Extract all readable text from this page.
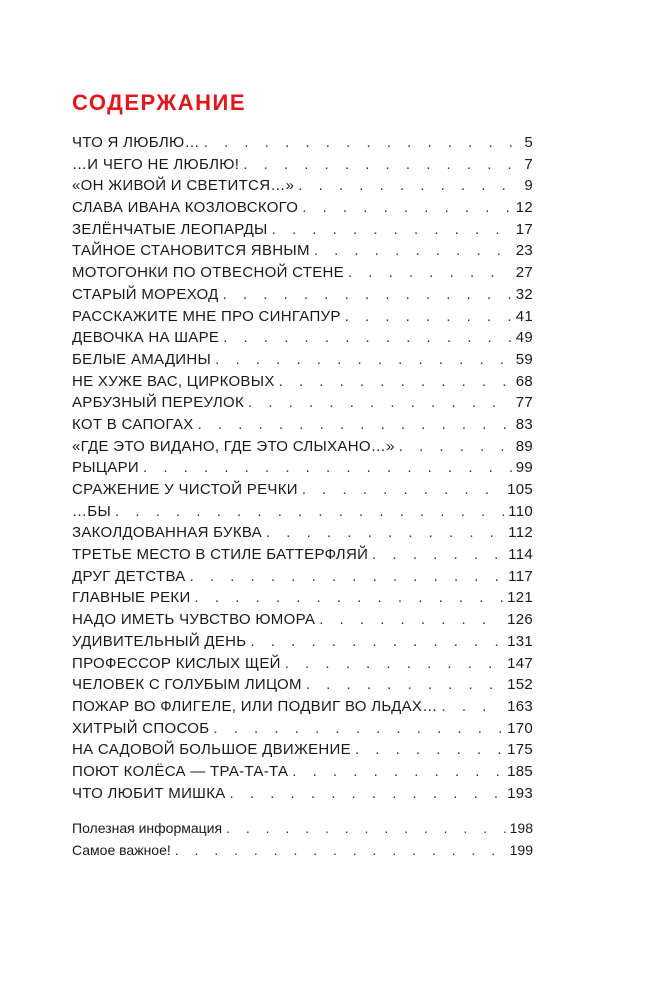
СОДЕРЖАНИЕ
ЧТО Я ЛЮБЛЮ… . . .	5
…И ЧЕГО НЕ ЛЮБЛЮ! . . .	7
«ОН ЖИВОЙ И СВЕТИТСЯ…» . . .	9
СЛАВА ИВАНА КОЗЛОВСКОГО . . .	12
ЗЕЛЁНЧАТЫЕ ЛЕОПАРДЫ . . .	17
ТАЙНОЕ СТАНОВИТСЯ ЯВНЫМ . . .	23
МОТОГОНКИ ПО ОТВЕСНОЙ СТЕНЕ . . .	27
СТАРЫЙ МОРЕХОД . . .	32
РАССКАЖИТЕ МНЕ ПРО СИНГАПУР . . .	41
ДЕВОЧКА НА ШАРЕ . . .	49
БЕЛЫЕ АМАДИНЫ . . .	59
НЕ ХУЖЕ ВАС, ЦИРКОВЫХ . . .	68
АРБУЗНЫЙ ПЕРЕУЛОК . . .	77
КОТ В САПОГАХ . . .	83
«ГДЕ ЭТО ВИДАНО, ГДЕ ЭТО СЛЫХАНО…» . . .	89
РЫЦАРИ . . .	99
СРАЖЕНИЕ У ЧИСТОЙ РЕЧКИ . . .	105
…БЫ . . .	110
ЗАКОЛДОВАННАЯ БУКВА . . .	112
ТРЕТЬЕ МЕСТО В СТИЛЕ БАТТЕРФЛЯЙ . . .	114
ДРУГ ДЕТСТВА . . .	117
ГЛАВНЫЕ РЕКИ . . .	121
НАДО ИМЕТЬ ЧУВСТВО ЮМОРА . . .	126
УДИВИТЕЛЬНЫЙ ДЕНЬ . . .	131
ПРОФЕССОР КИСЛЫХ ЩЕЙ . . .	147
ЧЕЛОВЕК С ГОЛУБЫМ ЛИЦОМ . . .	152
ПОЖАР ВО ФЛИГЕЛЕ, ИЛИ ПОДВИГ ВО ЛЬДАХ… . . .	163
ХИТРЫЙ СПОСОБ . . .	170
НА САДОВОЙ БОЛЬШОЕ ДВИЖЕНИЕ . . .	175
ПОЮТ КОЛЁСА — ТРА-ТА-ТА . . .	185
ЧТО ЛЮБИТ МИШКА . . .	193
Полезная информация . . .	198
Самое важное! . . .	199
